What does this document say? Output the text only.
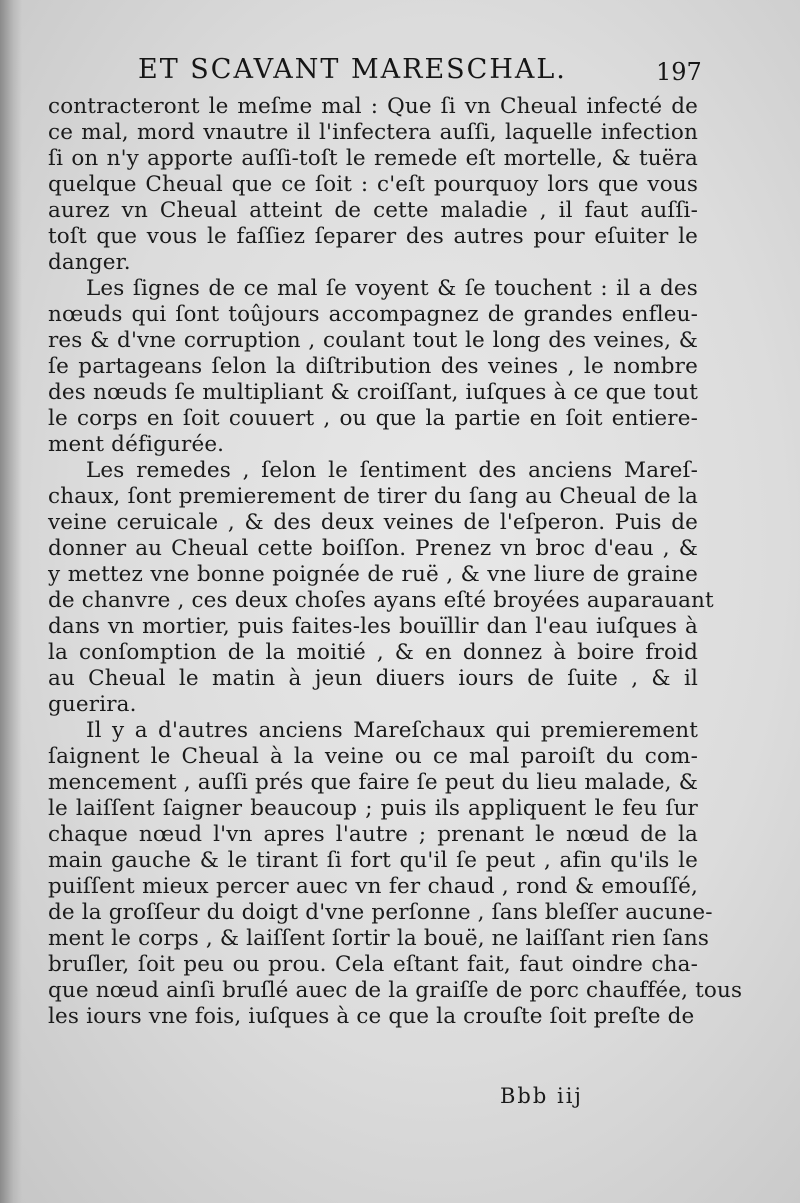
ET SCAVANT MARESCHAL.	197
contracteront le meſme mal : Que ſi vn Cheual infecté de
ce mal, mord vnautre il l'infectera auſſi, laquelle infection
ſi on n'y apporte auſſi-toſt le remede eſt mortelle, & tuëra
quelque Cheual que ce ſoit : c'eſt pourquoy lors que vous
aurez vn Cheual atteint de cette maladie , il faut auſſi-
toſt que vous le faſſiez ſeparer des autres pour eſuiter le
danger.
Les ſignes de ce mal ſe voyent & ſe touchent : il a des
nœuds qui ſont toûjours accompagnez de grandes enfleu-
res & d'vne corruption , coulant tout le long des veines, &
ſe partageans ſelon la diſtribution des veines , le nombre
des nœuds ſe multipliant & croiſſant, iuſques à ce que tout
le corps en ſoit couuert , ou que la partie en ſoit entiere-
ment défigurée.
Les remedes , ſelon le ſentiment des anciens Mareſ-
chaux, ſont premierement de tirer du ſang au Cheual de la
veine ceruicale , & des deux veines de l'eſperon. Puis de
donner au Cheual cette boiſſon. Prenez vn broc d'eau , &
y mettez vne bonne poignée de ruë , & vne liure de graine
de chanvre , ces deux choſes ayans eſté broyées auparauant
dans vn mortier, puis faites-les bouïllir dan l'eau iuſques à
la conſomption de la moitié , & en donnez à boire froid
au Cheual le matin à jeun diuers iours de ſuite , & il
guerira.
Il y a d'autres anciens Mareſchaux qui premierement
ſaignent le Cheual à la veine ou ce mal paroiſt du com-
mencement , auſſi prés que faire ſe peut du lieu malade, &
le laiſſent ſaigner beaucoup ; puis ils appliquent le feu ſur
chaque nœud l'vn apres l'autre ; prenant le nœud de la
main gauche & le tirant ſi fort qu'il ſe peut , afin qu'ils le
puiſſent mieux percer auec vn fer chaud , rond & emouſſé,
de la groſſeur du doigt d'vne perſonne , ſans bleſſer aucune-
ment le corps , & laiſſent ſortir la bouë, ne laiſſant rien ſans
bruſler, ſoit peu ou prou. Cela eſtant fait, faut oindre cha-
que nœud ainſi bruſlé auec de la graiſſe de porc chauffée, tous
les iours vne fois, iuſques à ce que la crouſte ſoit preſte de
Bbb iij
